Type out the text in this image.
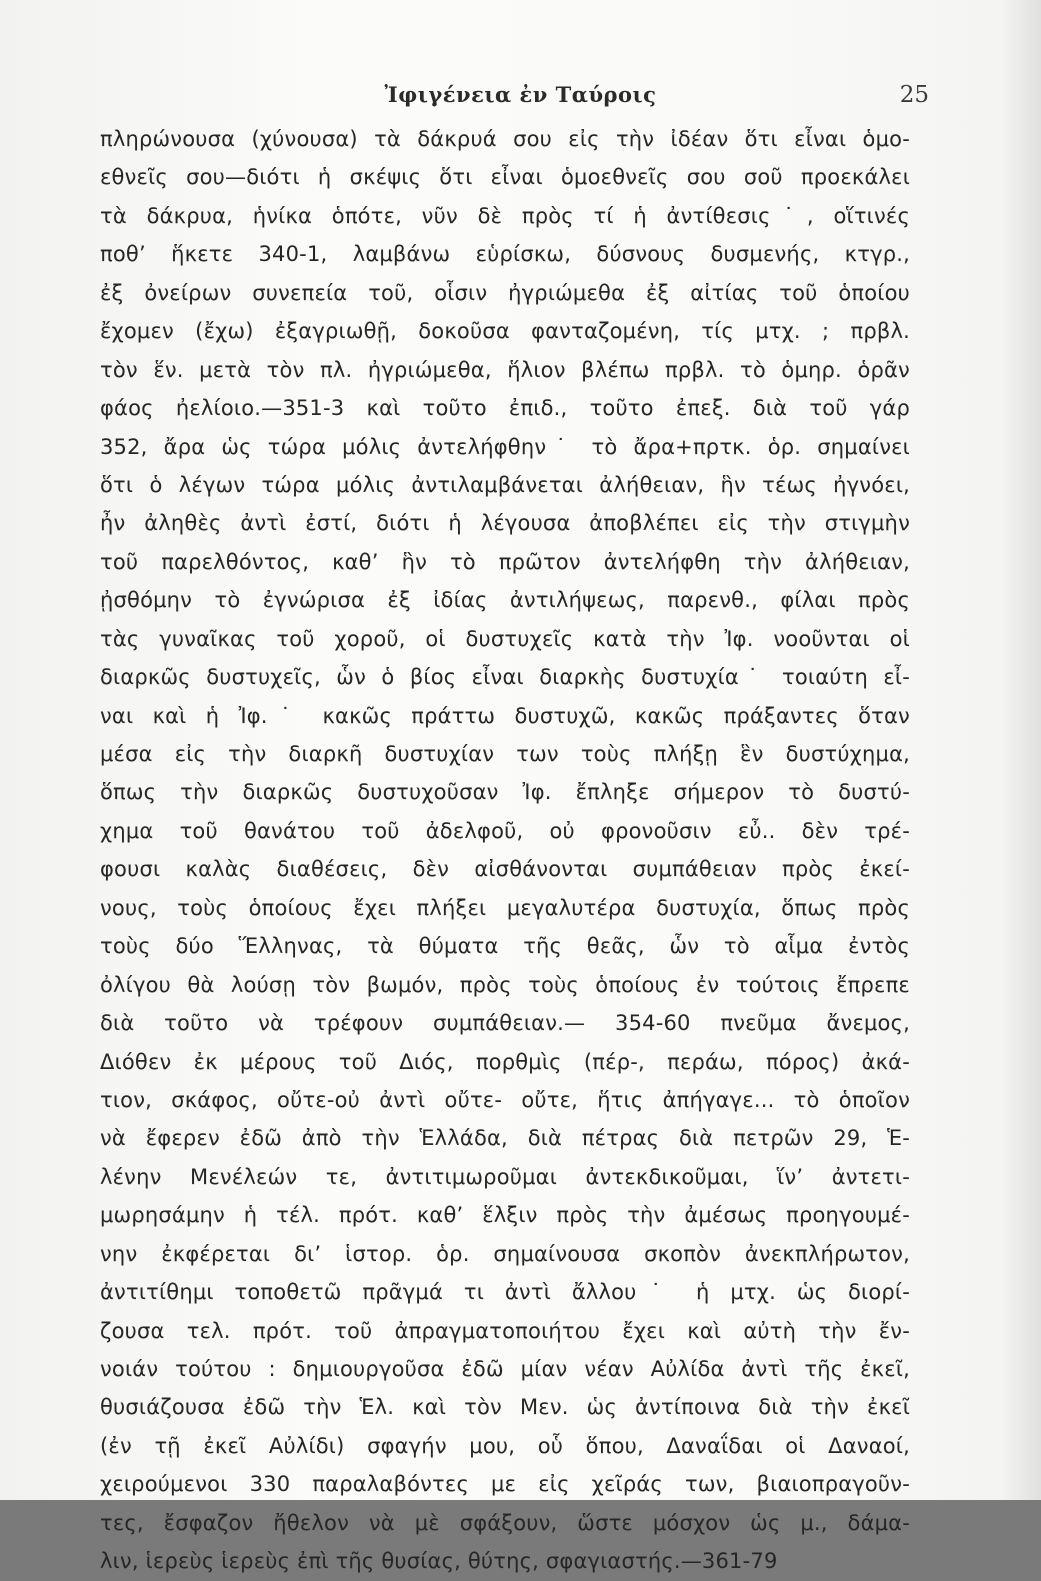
Ἰφιγένεια ἐν Ταύροις	25
πληρώνουσα (χύνουσα) τὰ δάκρυά σου εἰς τὴν ἰδέαν ὅτι εἶναι ὁμο-
εθνεῖς σου—διότι ἡ σκέψις ὅτι εἶναι ὁμοεθνεῖς σου σοῦ προεκάλει
τὰ δάκρυα, ἡνίκα ὁπότε, νῦν δὲ πρὸς τί ἡ ἀντίθεσις˙, οἵτινές
ποθ’ ἥκετε 340-1, λαμβάνω εὑρίσκω, δύσνους δυσμενής, κτγρ.,
ἐξ ὀνείρων συνεπεία τοῦ, οἷσιν ἠγριώμεθα ἐξ αἰτίας τοῦ ὁποίου
ἔχομεν (ἔχω) ἐξαγριωθῇ, δοκοῦσα φανταζομένη, τίς μτχ. ; πρβλ.
τὸν ἕν. μετὰ τὸν πλ. ἠγριώμεθα, ἥλιον βλέπω πρβλ. τὸ ὁμηρ. ὁρᾶν
φάος ἠελίοιο.—351-3 καὶ τοῦτο ἐπιδ., τοῦτο ἐπεξ. διὰ τοῦ γάρ
352, ἄρα ὡς τώρα μόλις ἀντελήφθην˙ τὸ ἄρα+πρτκ. ὁρ. σημαίνει
ὅτι ὁ λέγων τώρα μόλις ἀντιλαμβάνεται ἀλήθειαν, ἣν τέως ἠγνόει,
ἦν ἀληθὲς ἀντὶ ἐστί, διότι ἡ λέγουσα ἀποβλέπει εἰς τὴν στιγμὴν
τοῦ παρελθόντος, καθ’ ἣν τὸ πρῶτον ἀντελήφθη τὴν ἀλήθειαν,
ᾐσθόμην τὸ ἐγνώρισα ἐξ ἰδίας ἀντιλήψεως, παρενθ., φίλαι πρὸς
τὰς γυναῖκας τοῦ χοροῦ, οἱ δυστυχεῖς κατὰ τὴν Ἰφ. νοοῦνται οἱ
διαρκῶς δυστυχεῖς, ὧν ὁ βίος εἶναι διαρκὴς δυστυχία˙ τοιαύτη εἶ-
ναι καὶ ἡ Ἰφ.˙ κακῶς πράττω δυστυχῶ, κακῶς πράξαντες ὅταν
μέσα εἰς τὴν διαρκῆ δυστυχίαν των τοὺς πλήξῃ ἓν δυστύχημα,
ὅπως τὴν διαρκῶς δυστυχοῦσαν Ἰφ. ἔπληξε σήμερον τὸ δυστύ-
χημα τοῦ θανάτου τοῦ ἀδελφοῦ, οὐ φρονοῦσιν εὖ.. δὲν τρέ-
φουσι καλὰς διαθέσεις, δὲν αἰσθάνονται συμπάθειαν πρὸς ἐκεί-
νους, τοὺς ὁποίους ἔχει πλήξει μεγαλυτέρα δυστυχία, ὅπως πρὸς
τοὺς δύο Ἕλληνας, τὰ θύματα τῆς θεᾶς, ὧν τὸ αἷμα ἐντὸς
ὀλίγου θὰ λούσῃ τὸν βωμόν, πρὸς τοὺς ὁποίους ἐν τούτοις ἔπρεπε
διὰ τοῦτο νὰ τρέφουν συμπάθειαν.— 354-60 πνεῦμα ἄνεμος,
Διόθεν ἐκ μέρους τοῦ Διός, πορθμὶς (πέρ-, περάω, πόρος) ἀκά-
τιον, σκάφος, οὔτε-οὐ ἀντὶ οὔτε- οὔτε, ἥτις ἀπήγαγε... τὸ ὁποῖον
νὰ ἔφερεν ἐδῶ ἀπὸ τὴν Ἑλλάδα, διὰ πέτρας διὰ πετρῶν 29, Ἑ-
λένην Μενέλεών τε, ἀντιτιμωροῦμαι ἀντεκδικοῦμαι, ἵν’ ἀντετι-
μωρησάμην ἡ τέλ. πρότ. καθ’ ἕλξιν πρὸς τὴν ἀμέσως προηγουμέ-
νην ἐκφέρεται δι’ ἱστορ. ὁρ. σημαίνουσα σκοπὸν ἀνεκπλήρωτον,
ἀντιτίθημι τοποθετῶ πρᾶγμά τι ἀντὶ ἄλλου˙ ἡ μτχ. ὡς διορί-
ζουσα τελ. πρότ. τοῦ ἀπραγματοποιήτου ἔχει καὶ αὐτὴ τὴν ἔν-
νοιάν τούτου : δημιουργοῦσα ἐδῶ μίαν νέαν Αὐλίδα ἀντὶ τῆς ἐκεῖ,
θυσιάζουσα ἐδῶ τὴν Ἑλ. καὶ τὸν Μεν. ὡς ἀντίποινα διὰ τὴν ἐκεῖ
(ἐν τῇ ἐκεῖ Αὐλίδι) σφαγήν μου, οὗ ὅπου, Δαναΐδαι οἱ Δαναοί,
χειρούμενοι 330 παραλαβόντες με εἰς χεῖράς των, βιαιοπραγοῦν-
τες, ἔσφαζον ἤθελον νὰ μὲ σφάξουν, ὥστε μόσχον ὡς μ., δάμα-
λιν, ἱερεὺς ἱερεὺς ἐπὶ τῆς θυσίας, θύτης, σφαγιαστής.—361-79
